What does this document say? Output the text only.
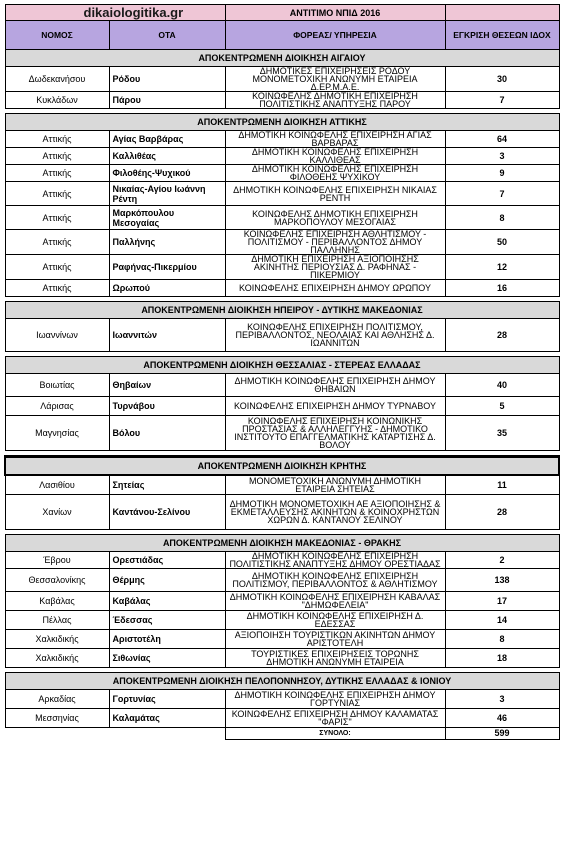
dikaiologitika.gr		ΑΝΤΙΤΙΜΟ ΝΠΙΔ 2016	
ΝΟΜΟΣ	ΟΤΑ	ΦΟΡΕΑΣ/ ΥΠΗΡΕΣΙΑ	ΕΓΚΡΙΣΗ ΘΕΣΕΩΝ ΙΔΟΧ
ΑΠΟΚΕΝΤΡΩΜΕΝΗ ΔΙΟΙΚΗΣΗ ΑΙΓΑΙΟΥ			
Δωδεκανήσου	Ρόδου	ΔΗΜΟΤΙΚΕΣ ΕΠΙΧΕΙΡΗΣΕΙΣ ΡΟΔΟΥ ΜΟΝΟΜΕΤΟΧΙΚΗ ΑΝΩΝΥΜΗ ΕΤΑΙΡΕΙΑ Δ.ΕΡ.Μ.Α.Ε.	30
Κυκλάδων	Πάρου	ΚΟΙΝΩΦΕΛΗΣ ΔΗΜΟΤΙΚΗ ΕΠΙΧΕΙΡΗΣΗ ΠΟΛΙΤΙΣΤΙΚΗΣ ΑΝΑΠΤΥΞΗΣ ΠΑΡΟΥ	7

ΑΠΟΚΕΝΤΡΩΜΕΝΗ ΔΙΟΙΚΗΣΗ ΑΤΤΙΚΗΣ			
Αττικής	Αγίας Βαρβάρας	ΔΗΜΟΤΙΚΗ ΚΟΙΝΩΦΕΛΗΣ ΕΠΙΧΕΙΡΗΣΗ ΑΓΙΑΣ ΒΑΡΒΑΡΑΣ	64
Αττικής	Καλλιθέας	ΔΗΜΟΤΙΚΗ ΚΟΙΝΩΦΕΛΗΣ ΕΠΙΧΕΙΡΗΣΗ ΚΑΛΛΙΘΕΑΣ	3
Αττικής	Φιλοθέης-Ψυχικού	ΔΗΜΟΤΙΚΗ ΚΟΙΝΩΦΕΛΗΣ ΕΠΙΧΕΙΡΗΣΗ ΦΙΛΟΘΕΗΣ ΨΥΧΙΚΟΥ	9
Αττικής	Νικαίας-Αγίου Ιωάννη Ρέντη	ΔΗΜΟΤΙΚΗ ΚΟΙΝΩΦΕΛΗΣ ΕΠΙΧΕΙΡΗΣΗ ΝΙΚΑΙΑΣ ΡΕΝΤΗ	7
Αττικής	Μαρκόπουλου Μεσογαίας	ΚΟΙΝΩΦΕΛΗΣ ΔΗΜΟΤΙΚΗ ΕΠΙΧΕΙΡΗΣΗ ΜΑΡΚΟΠΟΥΛΟΥ ΜΕΣΟΓΑΙΑΣ	8
Αττικής	Παλλήνης	ΚΟΙΝΩΦΕΛΗΣ ΕΠΙΧΕΙΡΗΣΗ ΑΘΛΗΤΙΣΜΟΥ - ΠΟΛΙΤΙΣΜΟΥ - ΠΕΡΙΒΑΛΛΟΝΤΟΣ ΔΗΜΟΥ ΠΑΛΛΗΝΗΣ	50
Αττικής	Ραφήνας-Πικερμίου	ΔΗΜΟΤΙΚΗ ΕΠΙΧΕΙΡΗΣΗ ΑΞΙΟΠΟΙΗΣΗΣ ΑΚΙΝΗΤΗΣ ΠΕΡΙΟΥΣΙΑΣ Δ. ΡΑΦΗΝΑΣ - ΠΙΚΕΡΜΙΟΥ	12
Αττικής	Ωρωπού	ΚΟΙΝΩΦΕΛΗΣ ΕΠΙΧΕΙΡΗΣΗ ΔΗΜΟΥ ΩΡΩΠΟΥ	16

ΑΠΟΚΕΝΤΡΩΜΕΝΗ ΔΙΟΙΚΗΣΗ ΗΠΕΙΡΟΥ - ΔΥΤΙΚΗΣ ΜΑΚΕΔΟΝΙΑΣ			
Ιωαννίνων	Ιωαννιτών	ΚΟΙΝΩΦΕΛΗΣ ΕΠΙΧΕΙΡΗΣΗ ΠΟΛΙΤΙΣΜΟΥ, ΠΕΡΙΒΑΛΛΟΝΤΟΣ, ΝΕΟΛΑΙΑΣ ΚΑΙ ΑΘΛΗΣΗΣ Δ. ΙΩΑΝΝΙΤΩΝ	28

ΑΠΟΚΕΝΤΡΩΜΕΝΗ ΔΙΟΙΚΗΣΗ ΘΕΣΣΑΛΙΑΣ - ΣΤΕΡΕΑΣ ΕΛΛΑΔΑΣ			
Βοιωτίας	Θηβαίων	ΔΗΜΟΤΙΚΗ ΚΟΙΝΩΦΕΛΗΣ ΕΠΙΧΕΙΡΗΣΗ ΔΗΜΟΥ ΘΗΒΑΙΩΝ	40
Λάρισας	Τυρνάβου	ΚΟΙΝΩΦΕΛΗΣ ΕΠΙΧΕΙΡΗΣΗ ΔΗΜΟΥ ΤΥΡΝΑΒΟΥ	5
Μαγνησίας	Βόλου	ΚΟΙΝΩΦΕΛΗΣ ΕΠΙΧΕΙΡΗΣΗ ΚΟΙΝΩΝΙΚΗΣ ΠΡΟΣΤΑΣΙΑΣ & ΑΛΛΗΛΕΓΓΥΗΣ - ΔΗΜΟΤΙΚΟ ΙΝΣΤΙΤΟΥΤΟ ΕΠΑΓΓΕΛΜΑΤΙΚΗΣ ΚΑΤΑΡΤΙΣΗΣ Δ. ΒΟΛΟΥ	35

ΑΠΟΚΕΝΤΡΩΜΕΝΗ ΔΙΟΙΚΗΣΗ ΚΡΗΤΗΣ			
Λασιθίου	Σητείας	ΜΟΝΟΜΕΤΟΧΙΚΗ ΑΝΩΝΥΜΗ ΔΗΜΟΤΙΚΗ ΕΤΑΙΡΕΙΑ ΣΗΤΕΙΑΣ	11
Χανίων	Καντάνου-Σελίνου	ΔΗΜΟΤΙΚΗ ΜΟΝΟΜΕΤΟΧΙΚΗ ΑΕ ΑΞΙΟΠΟΙΗΣΗΣ & ΕΚΜΕΤΑΛΛΕΥΣΗΣ ΑΚΙΝΗΤΩΝ & ΚΟΙΝΟΧΡΗΣΤΩΝ ΧΩΡΩΝ Δ. ΚΑΝΤΑΝΟΥ ΣΕΛΙΝΟΥ	28

ΑΠΟΚΕΝΤΡΩΜΕΝΗ ΔΙΟΙΚΗΣΗ ΜΑΚΕΔΟΝΙΑΣ - ΘΡΑΚΗΣ			
Έβρου	Ορεστιάδας	ΔΗΜΟΤΙΚΗ ΚΟΙΝΩΦΕΛΗΣ ΕΠΙΧΕΙΡΗΣΗ ΠΟΛΙΤΙΣΤΙΚΗΣ ΑΝΑΠΤΥΞΗΣ ΔΗΜΟΥ ΟΡΕΣΤΙΑΔΑΣ	2
Θεσσαλονίκης	Θέρμης	ΔΗΜΟΤΙΚΗ ΚΟΙΝΩΦΕΛΗΣ ΕΠΙΧΕΙΡΗΣΗ ΠΟΛΙΤΙΣΜΟΥ, ΠΕΡΙΒΑΛΛΟΝΤΟΣ & ΑΘΛΗΤΙΣΜΟΥ	138
Καβάλας	Καβάλας	ΔΗΜΟΤΙΚΗ ΚΟΙΝΩΦΕΛΗΣ ΕΠΙΧΕΙΡΗΣΗ ΚΑΒΑΛΑΣ "ΔΗΜΩΦΕΛΕΙΑ"	17
Πέλλας	Έδεσσας	ΔΗΜΟΤΙΚΗ ΚΟΙΝΩΦΕΛΗΣ ΕΠΙΧΕΙΡΗΣΗ Δ. ΕΔΕΣΣΑΣ	14
Χαλκιδικής	Αριστοτέλη	ΑΞΙΟΠΟΙΗΣΗ ΤΟΥΡΙΣΤΙΚΩΝ ΑΚΙΝΗΤΩΝ ΔΗΜΟΥ ΑΡΙΣΤΟΤΕΛΗ	8
Χαλκιδικής	Σιθωνίας	ΤΟΥΡΙΣΤΙΚΕΣ ΕΠΙΧΕΙΡΗΣΕΙΣ ΤΟΡΩΝΗΣ ΔΗΜΟΤΙΚΗ ΑΝΩΝΥΜΗ ΕΤΑΙΡΕΙΑ	18

ΑΠΟΚΕΝΤΡΩΜΕΝΗ ΔΙΟΙΚΗΣΗ ΠΕΛΟΠΟΝΝΗΣΟΥ, ΔΥΤΙΚΗΣ ΕΛΛΑΔΑΣ & ΙΟΝΙΟΥ			
Αρκαδίας	Γορτυνίας	ΔΗΜΟΤΙΚΗ ΚΟΙΝΩΦΕΛΗΣ ΕΠΙΧΕΙΡΗΣΗ ΔΗΜΟΥ ΓΟΡΤΥΝΙΑΣ	3
Μεσσηνίας	Καλαμάτας	ΚΟΙΝΩΦΕΛΗΣ ΕΠΙΧΕΙΡΗΣΗ ΔΗΜΟΥ ΚΑΛΑΜΑΤΑΣ "ΦΑΡΙΣ"	46
		ΣΥΝΟΛΟ:	599
